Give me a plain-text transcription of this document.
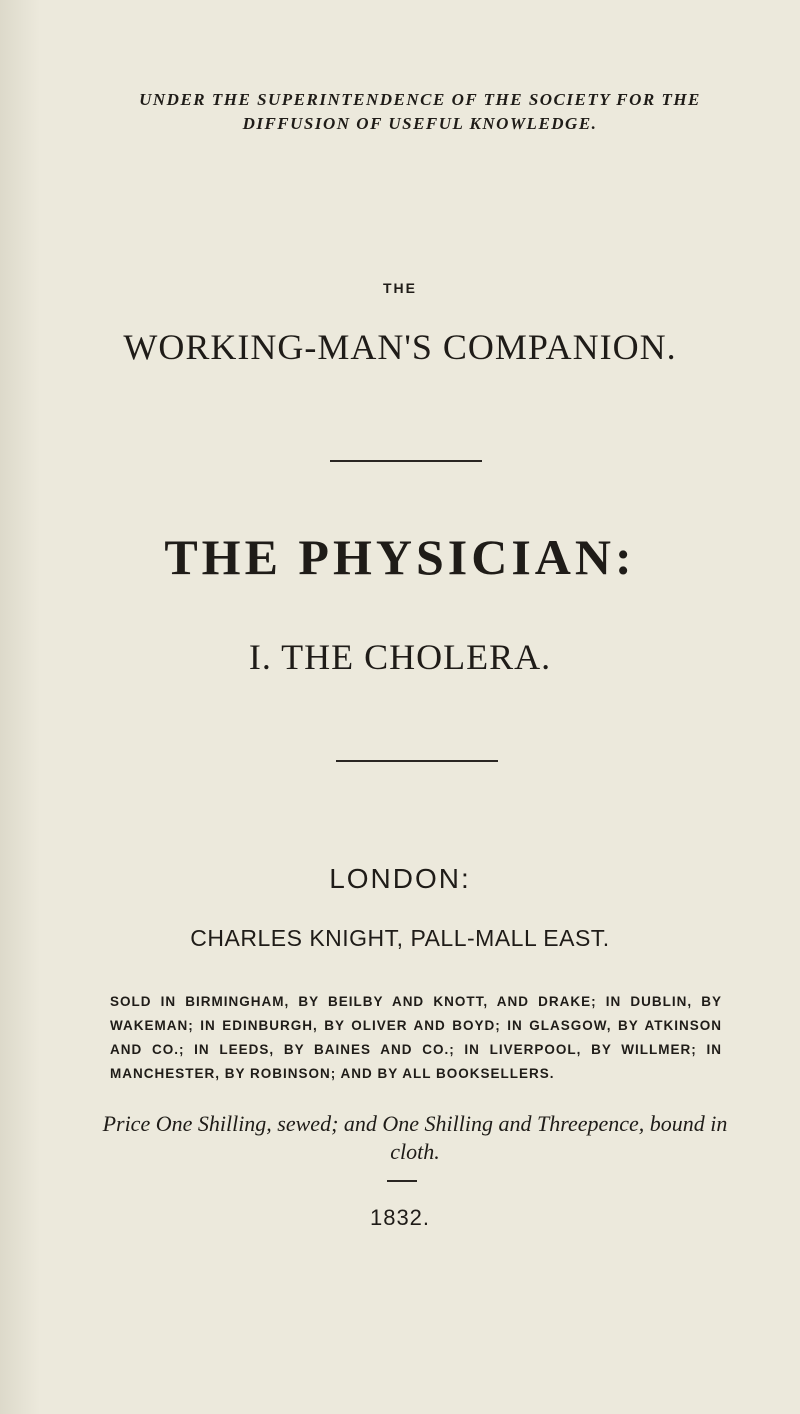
UNDER THE SUPERINTENDENCE OF THE SOCIETY FOR THE DIFFUSION OF USEFUL KNOWLEDGE.

THE

WORKING-MAN'S COMPANION.

THE PHYSICIAN:
I. THE CHOLERA.

LONDON:

CHARLES KNIGHT, PALL-MALL EAST.

SOLD IN BIRMINGHAM, BY BEILBY AND KNOTT, AND DRAKE; IN DUBLIN, BY WAKEMAN; IN EDINBURGH, BY OLIVER AND BOYD; IN GLASGOW, BY ATKINSON AND CO.; IN LEEDS, BY BAINES AND CO.; IN LIVERPOOL, BY WILLMER; IN MANCHESTER, BY ROBINSON; AND BY ALL BOOKSELLERS.

Price One Shilling, sewed; and One Shilling and Threepence, bound in cloth.

1832.
